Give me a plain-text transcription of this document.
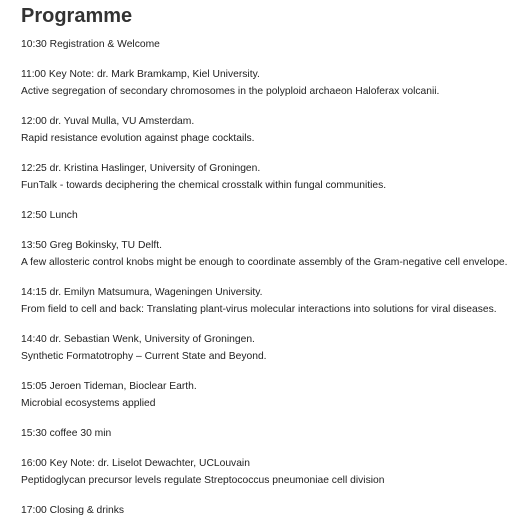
Programme
10:30 Registration & Welcome
11:00 Key Note: dr. Mark Bramkamp, Kiel University.
Active segregation of secondary chromosomes in the polyploid archaeon Haloferax volcanii.
12:00 dr. Yuval Mulla, VU Amsterdam.
Rapid resistance evolution against phage cocktails.
12:25 dr. Kristina Haslinger, University of Groningen.
FunTalk - towards deciphering the chemical crosstalk within fungal communities.
12:50 Lunch
13:50 Greg Bokinsky, TU Delft.
A few allosteric control knobs might be enough to coordinate assembly of the Gram-negative cell envelope.
14:15 dr. Emilyn Matsumura, Wageningen University.
From field to cell and back: Translating plant-virus molecular interactions into solutions for viral diseases.
14:40 dr. Sebastian Wenk, University of Groningen.
Synthetic Formatotrophy – Current State and Beyond.
15:05 Jeroen Tideman, Bioclear Earth.
Microbial ecosystems applied
15:30 coffee 30 min
16:00 Key Note: dr. Liselot Dewachter, UCLouvain
Peptidoglycan precursor levels regulate Streptococcus pneumoniae cell division
17:00 Closing & drinks
